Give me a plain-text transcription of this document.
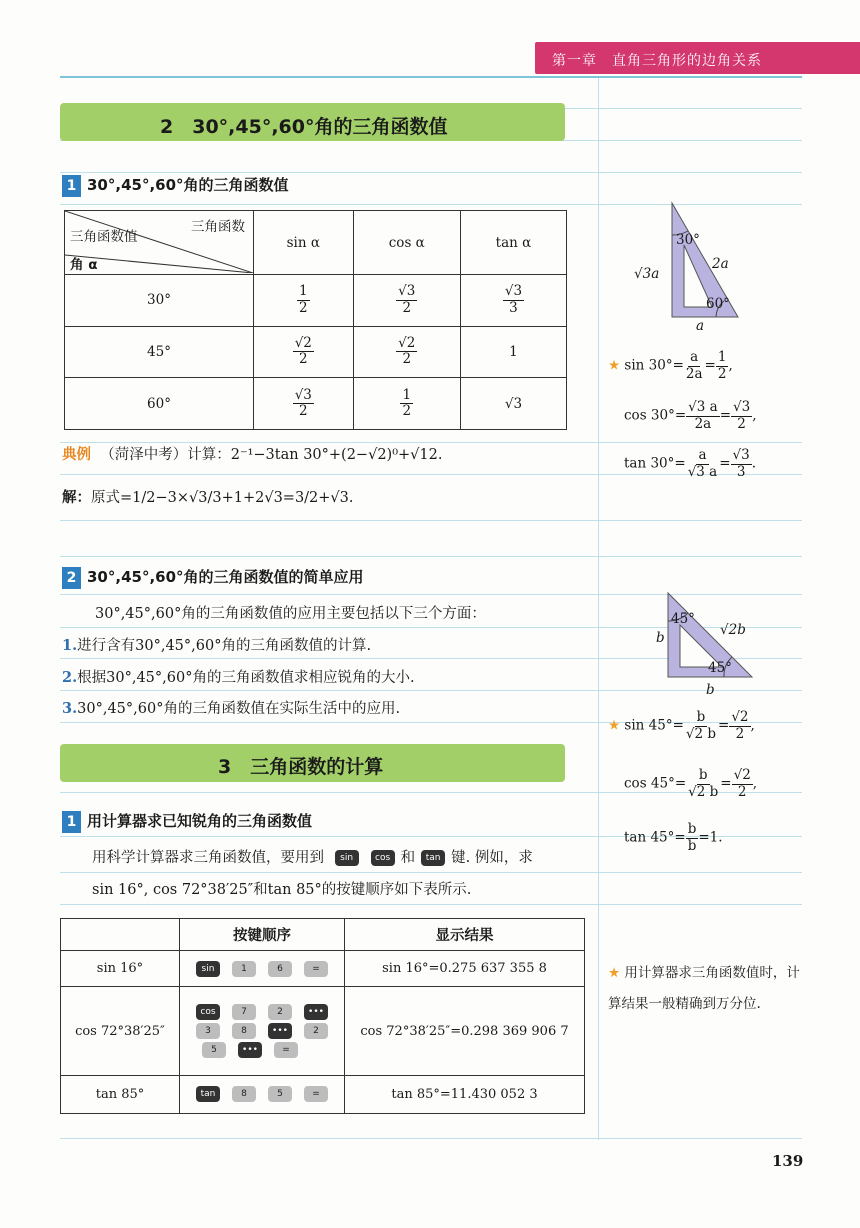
第一章　直角三角形的边角关系
2　30°,45°,60°角的三角函数值
1 30°,45°,60°角的三角函数值
三角函数
三角函数值
角 α	sin α	cos α	tan α
30°	$\frac{1}{2}$	$\frac{√3}{2}$	$\frac{√3}{3}$

45°	$\frac{√2}{2}$	$\frac{√2}{2}$	1
60°	$\frac{√3}{2}$	$\frac{1}{2}$	√3
典例 （菏泽中考）计算：2⁻¹−3tan 30°+(2−√2)⁰+√12.
解：原式=1/2−3×√3/3+1+2√3=3/2+√3.
2 30°,45°,60°角的三角函数值的简单应用
30°,45°,60°角的三角函数值的应用主要包括以下三个方面：
1.进行含有30°,45°,60°角的三角函数值的计算.
2.根据30°,45°,60°角的三角函数值求相应锐角的大小.
3.30°,45°,60°角的三角函数值在实际生活中的应用.
3　三角函数的计算
1 用计算器求已知锐角的三角函数值
用科学计算器求三角函数值，要用到 sin cos 和 tan 键. 例如，求
sin 16°, cos 72°38′25″和tan 85°的按键顺序如下表所示.
	按键顺序	显示结果
sin 16°	sin 1 6 =	sin 16°=0.275 637 355 8
cos 72°38′25″	cos 7 2 •••
3 8 ••• 2
5 ••• =	cos 72°38′25″=0.298 369 906 7
tan 85°	tan 8 5 =	tan 85°=11.430 052 3
30°
60°
√3a
2a
a
★ $\sin 30^\circ= \frac{a}{2a} = \frac{1}{2}$ ,
$\cos 30^\circ= \frac{√3 a}{2a} = \frac{√3}{2}$ ,
$\tan 30^\circ= \frac{a}{√3 a} = \frac{√3}{3}$ .
45°
45°
b	√2b
b
★ $\sin 45^\circ= \frac{b}{√2 b} = \frac{√2}{2}$ ,
$\cos 45^\circ= \frac{b}{√2 b} = \frac{√2}{2}$ ,
$\tan 45^\circ= \frac{b}{b} =1$.
★ 用计算器求三角函数值时，计算结果一般精确到万分位.
139
